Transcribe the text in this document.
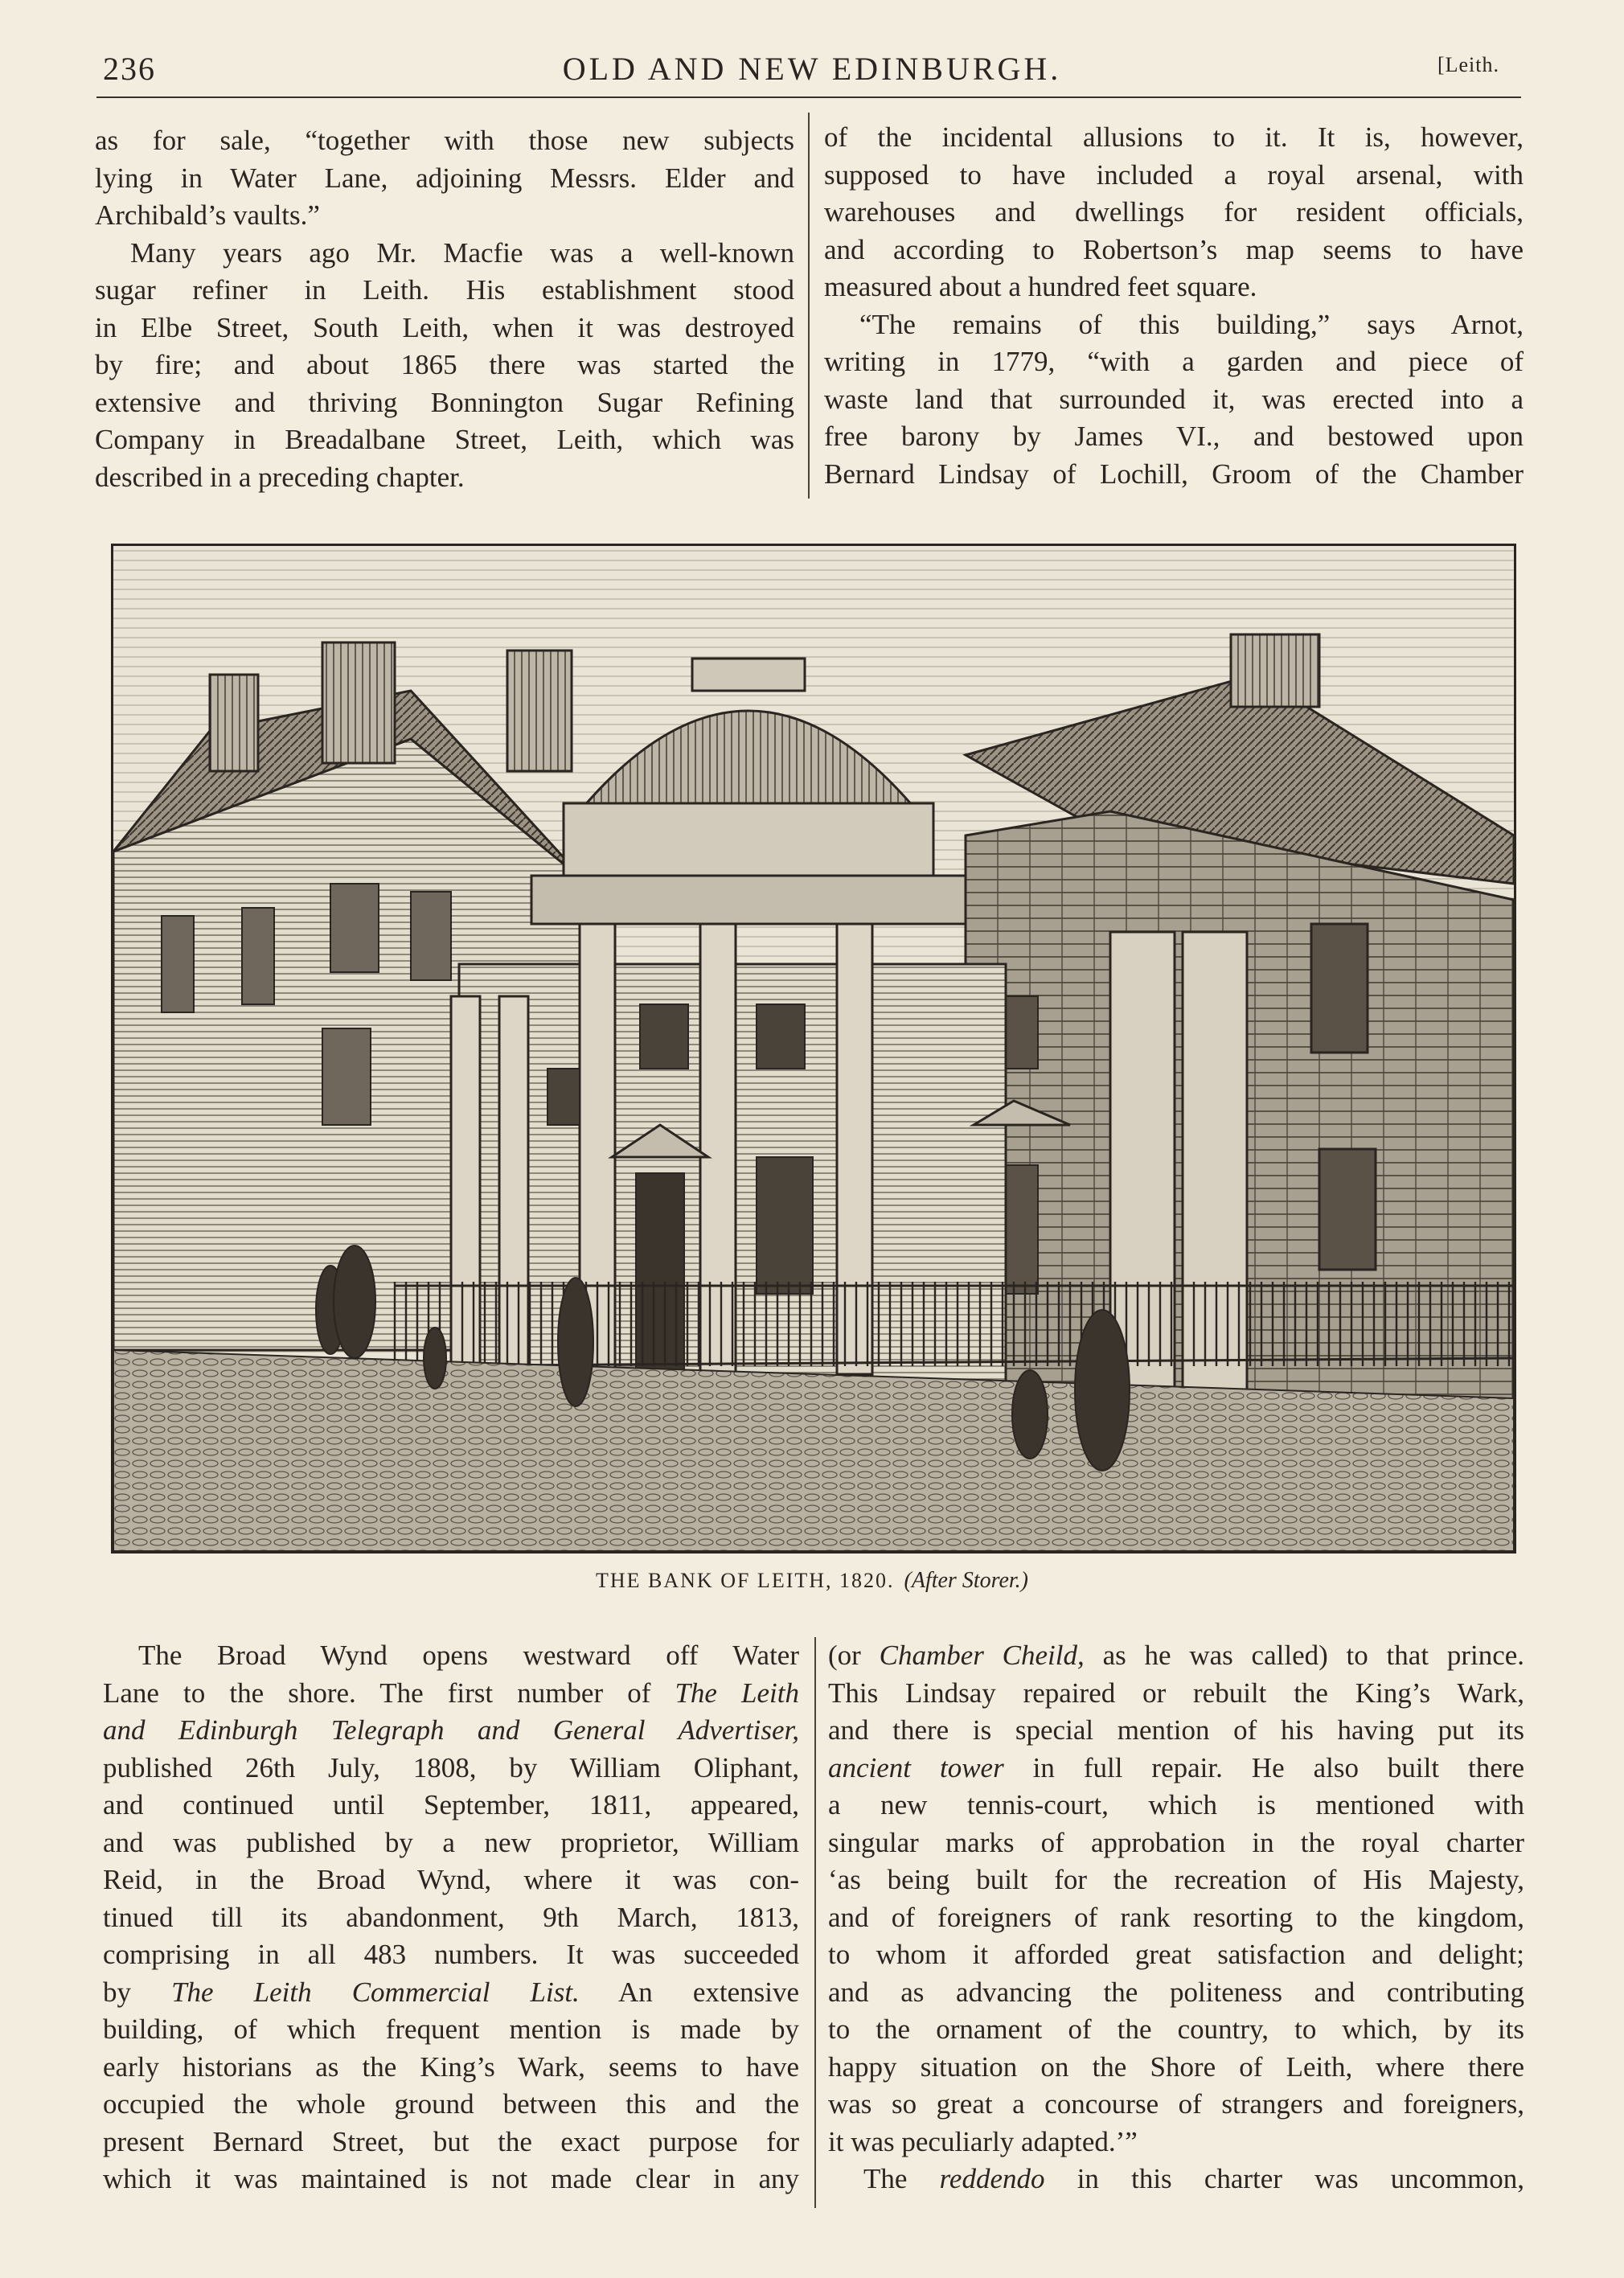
236	OLD AND NEW EDINBURGH.	[Leith.
as for sale, “together with those new subjects
lying in Water Lane, adjoining Messrs. Elder and
Archibald’s vaults.”
Many years ago Mr. Macfie was a well-known
sugar refiner in Leith. His establishment stood
in Elbe Street, South Leith, when it was destroyed
by fire; and about 1865 there was started the
extensive and thriving Bonnington Sugar Refining
Company in Breadalbane Street, Leith, which was
described in a preceding chapter.
of the incidental allusions to it. It is, however,
supposed to have included a royal arsenal, with
warehouses and dwellings for resident officials,
and according to Robertson’s map seems to have
measured about a hundred feet square.
“The remains of this building,” says Arnot,
writing in 1779, “with a garden and piece of
waste land that surrounded it, was erected into a
free barony by James VI., and bestowed upon
Bernard Lindsay of Lochill, Groom of the Chamber
THE BANK OF LEITH, 1820. (After Storer.)
The Broad Wynd opens westward off Water
Lane to the shore. The first number of The Leith
and Edinburgh Telegraph and General Advertiser,
published 26th July, 1808, by William Oliphant,
and continued until September, 1811, appeared,
and was published by a new proprietor, William
Reid, in the Broad Wynd, where it was con-
tinued till its abandonment, 9th March, 1813,
comprising in all 483 numbers. It was succeeded
by The Leith Commercial List. An extensive
building, of which frequent mention is made by
early historians as the King’s Wark, seems to have
occupied the whole ground between this and the
present Bernard Street, but the exact purpose for
which it was maintained is not made clear in any
(or Chamber Cheild, as he was called) to that prince.
This Lindsay repaired or rebuilt the King’s Wark,
and there is special mention of his having put its
ancient tower in full repair. He also built there
a new tennis-court, which is mentioned with
singular marks of approbation in the royal charter
‘as being built for the recreation of His Majesty,
and of foreigners of rank resorting to the kingdom,
to whom it afforded great satisfaction and delight;
and as advancing the politeness and contributing
to the ornament of the country, to which, by its
happy situation on the Shore of Leith, where there
was so great a concourse of strangers and foreigners,
it was peculiarly adapted.’”
The reddendo in this charter was uncommon,
